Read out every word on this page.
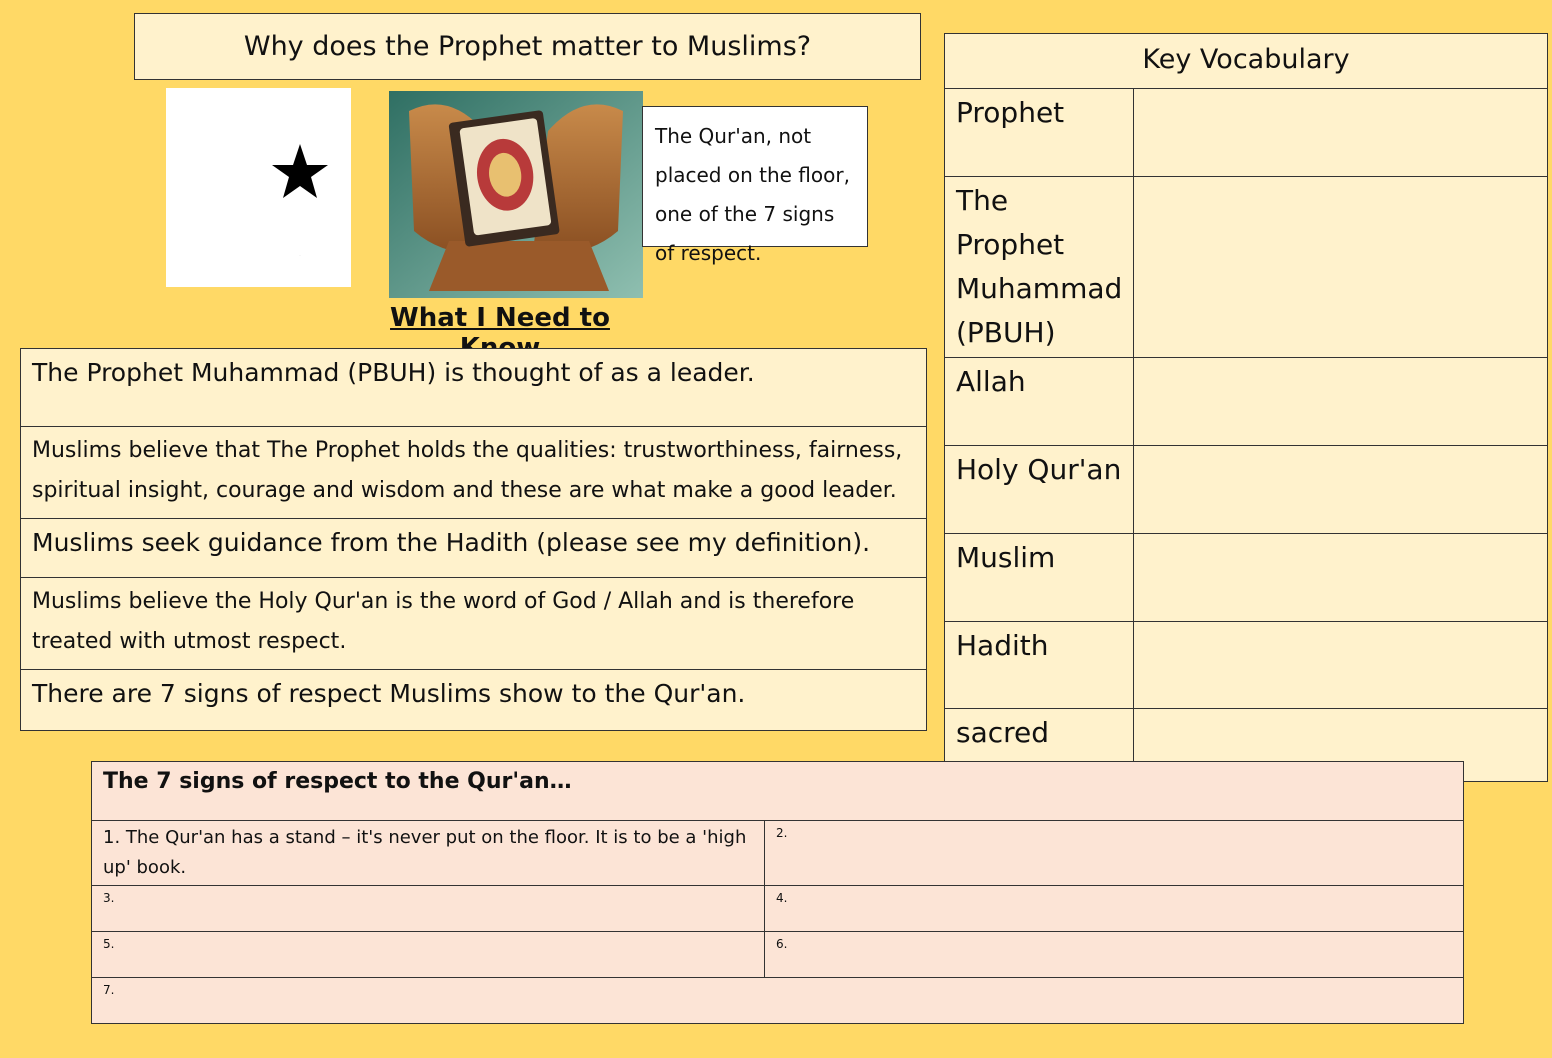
Why does the Prophet matter to Muslims?
The Qur'an, not placed on the floor, one of the 7 signs of respect.
What I Need to
The Prophet Muhammad (PBUH) is thought of as a leader.
Muslims believe that The Prophet holds the qualities: trustworthiness, fairness, spiritual insight, courage and wisdom and these are what make a good leader.
Muslims seek guidance from the Hadith (please see my definition).
Muslims believe the Holy Qur'an is the word of God / Allah and is therefore treated with utmost respect.
There are 7 signs of respect Muslims show to the Qur'an.
Key Vocabulary	
Prophet	
The Prophet Muhammad (PBUH)	
Allah	
Holy Qur'an	
Muslim	
Hadith	
sacred	
The 7 signs of respect to the Qur'an…	
1. The Qur'an has a stand – it's never put on the floor. It is to be a 'high up' book.	2.
3.	4.
5.	6.
7.	
